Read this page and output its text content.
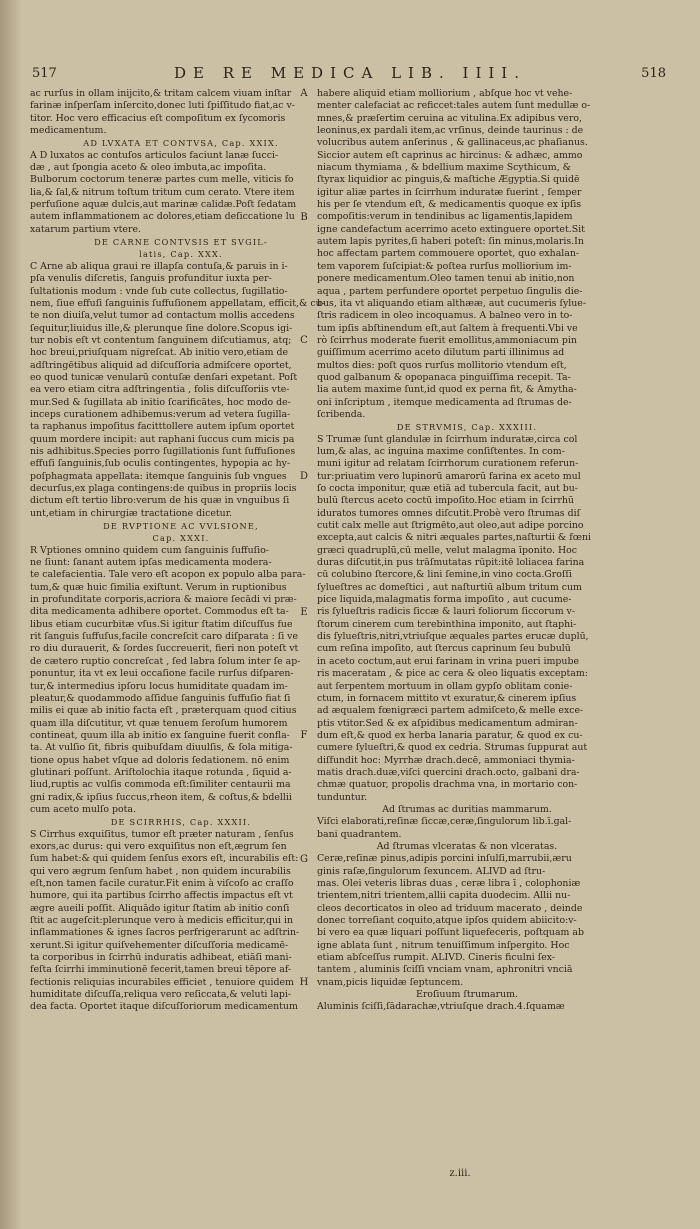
517	DE RE MEDICA LIB. IIII.	518
ac rurſus in ollam inijcito,& tritam calcem viuam inſtar
farinæ inſperſam inſercito,donec luti ſpiſſitudo fiat,ac v-
titor. Hoc vero efficacius eſt compoſitum ex ſycomoris
medicamentum.
AD LVXATA ET CONTVSA, Cap. XXIX.
A D luxatos ac contuſos articulos faciunt lanæ ſucci-
dæ , aut ſpongia aceto & oleo imbuta,ac impoſita.
Bulborum coctorum teneræ partes cum melle, viticis fo
lia,& ſal,& nitrum toſtum tritum cum cerato. Vtere item
perfuſione aquæ dulcis,aut marinæ calidæ.Poſt ſedatam
autem inflammationem ac dolores,etiam deſiccatione lu
xatarum partium vtere.
DE CARNE CONTVSIS ET SVGIL-
latis, Cap. XXX.
C Arne ab aliqua graui re illapſa contuſa,& paruis in i-
pſa venulis diſcretis, ſanguis profunditur iuxta per-
ſultationis modum : vnde ſub cute collectus, ſugillatio-
nem, ſiue effuſi ſanguinis ſuffuſionem appellatam, efficit,& cu-
te non diuiſa,velut tumor ad contactum mollis accedens
ſequitur,liuidus ille,& plerunque ſine dolore.Scopus igi-
tur nobis eſt vt contentum ſanguinem diſcutiamus, atq;
hoc breui,priuſquam nigreſcat. Ab initio vero,etiam de
adſtringētibus aliquid ad diſcuſſoria admiſcere oportet,
eo quod tunicæ venularū contuſæ denſari expetant. Poſt
ea vero etiam citra adſtringentia , folis diſcuſſoriis vte-
mur.Sed & ſugillata ab initio ſcarificātes, hoc modo de-
inceps curationem adhibemus:verum ad vetera ſugilla-
ta raphanus impoſitus facitttollere autem ipſum oportet
quum mordere incipit: aut raphani ſuccus cum micis pa
nis adhibitus.Species porro ſugillationis ſunt ſuffuſiones
effuſi ſanguinis,ſub oculis contingentes, hypopia ac hy-
poſphagmata appellata: itemque ſanguinis ſub vngues
decurſus,ex plaga contingens:de quibus in propriis locis
dictum eſt tertio libro:verum de his quæ in vnguibus ſi
unt,etiam in chirurgiæ tractatione dicetur.
DE RVPTIONE AC VVLSIONE,
Cap. XXXI.
R Vptiones omnino quidem cum ſanguinis ſuffuſio-
ne ſiunt: ſanant autem ipſas medicamenta modera-
te calefacientia. Tale vero eſt acopon ex populo alba para-
tum,& quæ huic ſimilia exiſtunt. Verum in ruptionibus
in profunditate corporis,acriora & maiore ſecādi vi præ-
dita medicamenta adhibere oportet. Commodus eſt ta-
libus etiam cucurbitæ vſus.Si igitur ſtatim diſcuſſus fue
rit ſanguis ſuffuſus,facile concreſcit caro diſparata : ſi ve
ro diu durauerit, & ſordes ſuccreuerit, fieri non poteſt vt
de cætero ruptio concreſcat , ſed labra ſolum inter ſe ap-
ponuntur, ita vt ex leui occaſione facile rurſus diſparen-
tur,& intermedius ipſoru locus humiditate quadam im-
pleatur,& quodammodo aſſidue ſanguinis ſuffuſio fiat ſi
milis ei quæ ab initio facta eſt , præterquam quod citius
quam illa diſcutitur, vt quæ tenuem ſeroſum humorem
contineat, quum illa ab initio ex ſanguine fuerit confla-
ta. At vulſio ſit, fibris quibuſdam diuulſis, & ſola mitiga-
tione opus habet vſque ad doloris ſedationem. nō enim
glutinari poſſunt. Ariſtolochia itaque rotunda , ſiquid a-
liud,ruptis ac vulſis commoda eſt:ſimiliter centaurii ma
gni radix,& ipſius ſuccus,rheon item, & coſtus,& bdellii
cum aceto mulſo pota.
DE SCIRRHIS, Cap. XXXII.
S Cirrhus exquiſitus, tumor eſt præter naturam , ſenſus
exors,ac durus: qui vero exquiſitus non eſt,ægrum ſen
ſum habet:& qui quidem ſenſus exors eſt, incurabilis eſt:
qui vero ægrum ſenſum habet , non quidem incurabilis
eſt,non tamen facile curatur.Fit enim à viſcoſo ac craſſo
humore, qui ita partibus ſcirrho affectis impactus eſt vt
ægre aueili poſſit. Aliquādo igitur ſtatim ab initio conſi
ſtit ac augeſcit:plerunque vero à medicis efficitur,qui in
inflammationes & ignes ſacros perfrigerarunt ac adſtrin-
xerunt.Si igitur quiſvehementer diſcuſſoria medicamē-
ta corporibus in ſcirrhū induratis adhibeat, etiāſi mani-
feſta ſcirrhi imminutionē fecerit,tamen breui tēpore af-
fectionis reliquias incurabiles efficiet , tenuiore quidem
humiditate diſcuſſa,reliqua vero reſiccata,& veluti lapi-
dea facta. Oportet itaque diſcuſſoriorum medicamentum
habere aliquid etiam molliorium , abſque hoc vt vehe-
menter calefaciat ac reficcet:tales autem ſunt medullæ o-
mnes,& præſertim ceruina ac vitulina.Ex adipibus vero,
leoninus,ex pardali item,ac vrſinus, deinde taurinus : de
volucribus autem anſerinus , & gallinaceus,ac phaſianus.
Siccior autem eſt caprinus ac hircinus: & adhæc, ammo
niacum thymiama , & bdellium maxime Scythicum, &
ſtyrax liquidior ac pinguis,& maſtiche Ægyptia.Si quidē
igitur aliæ partes in ſcirrhum induratæ fuerint , ſemper
his per ſe vtendum eſt, & medicamentis quoque ex ipſis
compoſitis:verum in tendinibus ac ligamentis,lapidem
igne candefactum acerrimo aceto extinguere oportet.Sit
autem lapis pyrites,ſi haberi poteſt: ſin minus,molaris.In
hoc affectam partem commouere oportet, quo exhalan-
tem vaporem ſuſcipiat:& poſtea rurſus molliorium im-
ponere medicamentum.Oleo tamen tenui ab initio,non
aqua , partem perfundere oportet perpetuo ſingulis die-
bus, ita vt aliquando etiam althææ, aut cucumeris ſylue-
ſtris radicem in oleo incoquamus. A balneo vero in to-
tum ipſis abſtinendum eſt,aut ſaltem à frequenti.Vbi ve
rò ſcirrhus moderate fuerit emollitus,ammoniacum pin
guiſſimum acerrimo aceto dilutum parti illinimus ad
multos dies: poſt quos rurſus mollitorio vtendum eſt,
quod galbanum & opopanaca pinguiſſima recepit. Ta-
lia autem maxime ſunt,id quod ex perna fit, & Amytha-
oni inſcriptum , itemque medicamenta ad ſtrumas de-
ſcribenda.
DE STRVMIS, Cap. XXXIII.
S Trumæ ſunt glandulæ in ſcirrhum induratæ,circa col
lum,& alas, ac inguina maxime conſiſtentes. In com-
muni igitur ad relatam ſcirrhorum curationem referun-
tur:priuatim vero lupinorū amarorū farina ex aceto mul
ſo cocta imponitur, quæ etiā ad tubercula facit, aut bu-
bulū ſtercus aceto coctū impoſito.Hoc etiam in ſcirrhū
iduratos tumores omnes diſcutit.Probè vero ſtrumas diſ
cutit calx melle aut ſtrigmēto,aut oleo,aut adipe porcino
excepta,aut calcis & nitri æquales partes,naſturtii & fœni
græci quadruplū,cū melle, velut malagma īponito. Hoc
duras diſcutit,in pus trāſmutatas rūpit:itē loliacea farina
cū colubino ſtercore,& lini ſemine,in vino cocta.Groſſi
ſylueſtres ac domeſtici , aut naſturtiū album tritum cum
pice liquida,malagmatis forma impoſito , aut cucume-
ris ſylueſtris radicis ſiccæ & lauri foliorum ſiccorum v-
ſtorum cinerem cum terebinthina imponito, aut ſtaphi-
dis ſylueſtris,nitri,vtriuſque æquales partes erucæ duplū,
cum reſina impoſito, aut ſtercus caprinum ſeu bubulū
in aceto coctum,aut erui farinam in vrina pueri impube
ris maceratam , & pice ac cera & oleo liquatis exceptam:
aut ſerpentem mortuum in ollam gypſo oblitam conie-
ctum, in fornacem mittito vt exuratur,& cinerem ipſius
ad æqualem fœnigræci partem admiſceto,& melle exce-
ptis vtitor.Sed & ex aſpidibus medicamentum admiran-
dum eſt,& quod ex herba lanaria paratur, & quod ex cu-
cumere ſylueſtri,& quod ex cedria. Strumas ſuppurat aut
diſfundit hoc: Myrrhæ drach.decē, ammoniaci thymia-
matis drach.duæ,viſci quercini drach.octo, galbani dra-
chmæ quatuor, propolis drachma vna, in mortario con-
tunduntur.
Ad ſtrumas ac duritias mammarum.
Viſci elaborati,reſinæ ſiccæ,ceræ,ſingulorum lib.ī.gal-
bani quadrantem.
Ad ſtrumas vlceratas & non vlceratas.
Ceræ,reſinæ pinus,adipis porcini inſulſi,marrubii,æru
ginis raſæ,ſingulorum ſexuncem. ALIVD ad ſtru-
mas. Olei veteris libras duas , ceræ libra ī , colophoniæ
trientem,nitri trientem,allii capita duodecim. Allii nu-
cleos decorticatos in oleo ad triduum macerato , deinde
donec torreſiant coquito,atque ipſos quidem abiicito:v-
bi vero ea quæ liquari poſſunt liquefeceris, poſtquam ab
igne ablata ſunt , nitrum tenuiſſimum inſpergito. Hoc
etiam abſceſſus rumpit. ALIVD. Cineris ficulni ſex-
tantem , aluminis ſciſſi vnciam vnam, aphronitri vnciā
vnam,picis liquidæ ſeptuncem.
Eroſiuum ſtrumarum.
Aluminis ſciſſi,ſādarachæ,vtriuſque drach.4.ſquamæ
A
B
C
D
E
F
G
H
z.iii.
